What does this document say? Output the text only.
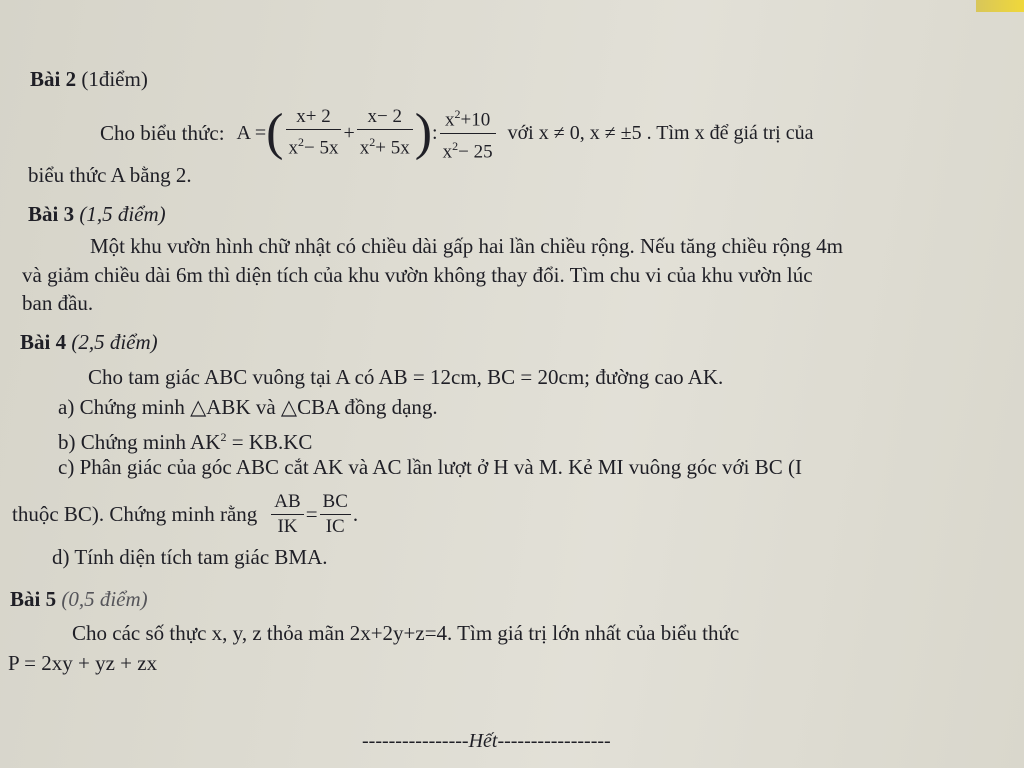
Bài 2 (1điểm)
Cho biểu thức: A = ( $\frac{x+ 2}{x^2- 5x} + \frac{x- 2}{x^2+ 5x}$ ) : $\frac{x^2+10}{x^2- 25}$ với x ≠ 0, x ≠ ±5 . Tìm x để giá trị của
biểu thức A bằng 2.
Bài 3 (1,5 điểm)
Một khu vườn hình chữ nhật có chiều dài gấp hai lần chiều rộng. Nếu tăng chiều rộng 4m
và giảm chiều dài 6m thì diện tích của khu vườn không thay đổi. Tìm chu vi của khu vườn lúc
ban đầu.
Bài 4 (2,5 điểm)
Cho tam giác ABC vuông tại A có AB = 12cm, BC = 20cm; đường cao AK.
a) Chứng minh △ABK và △CBA đồng dạng.
b) Chứng minh $AK^2 = KB.KC$
c) Phân giác của góc ABC cắt AK và AC lần lượt ở H và M. Kẻ MI vuông góc với BC (I
thuộc BC). Chứng minh rằng $\frac{AB}{IK} = \frac{BC}{IC}$ .
d) Tính diện tích tam giác BMA.
Bài 5 (0,5 điểm)
Cho các số thực x, y, z thỏa mãn 2x+2y+z=4. Tìm giá trị lớn nhất của biểu thức
P = 2xy + yz + zx
----------------Hết-----------------
